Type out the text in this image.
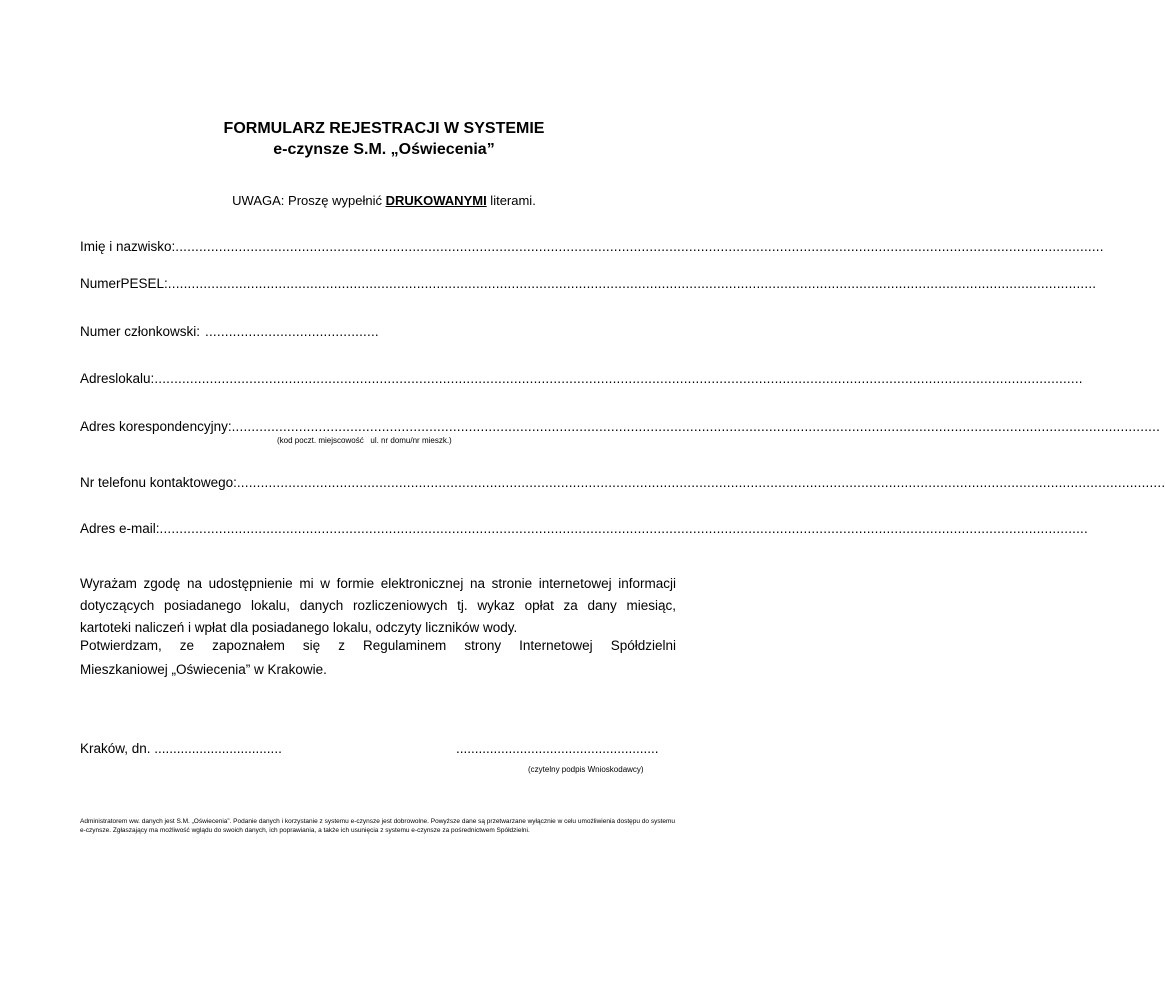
FORMULARZ REJESTRACJI W SYSTEMIE
e-czynsze S.M. „Oświecenia”
UWAGA: Proszę wypełnić DRUKOWANYMI literami.
Imię i nazwisko: ...........................................................................................................................................................................................................................................
Numer PESEL: ...........................................................................................................................................................................................................................................
Numer członkowski: ............................................
Adres lokalu: ...........................................................................................................................................................................................................................................
Adres korespondencyjny: ...........................................................................................................................................................................................................................................
(kod poczt. miejscowość   ul. nr domu/nr mieszk.)
Nr telefonu kontaktowego: ...........................................................................................................................................................................................................................................
Adres e-mail: ...........................................................................................................................................................................................................................................
Wyrażam zgodę na udostępnienie mi w formie elektronicznej na stronie internetowej informacji
dotyczących posiadanego lokalu, danych rozliczeniowych tj. wykaz opłat za dany miesiąc,
kartoteki naliczeń i wpłat dla posiadanego lokalu, odczyty liczników wody.
Potwierdzam, ze zapoznałem się z Regulaminem strony Internetowej Spółdzielni
Mieszkaniowej „Oświecenia” w Krakowie.
Kraków, dn. ..................................	......................................................
(czytelny podpis Wnioskodawcy)
Administratorem ww. danych jest S.M. „Oświecenia”. Podanie danych i korzystanie z systemu e-czynsze jest dobrowolne. Powyższe dane są przetwarzane wyłącznie w celu umożliwienia dostępu do systemu e-czynsze. Zgłaszający ma możliwość wglądu do swoich danych, ich poprawiania, a także ich usunięcia z systemu e-czynsze za pośrednictwem Spółdzielni.
